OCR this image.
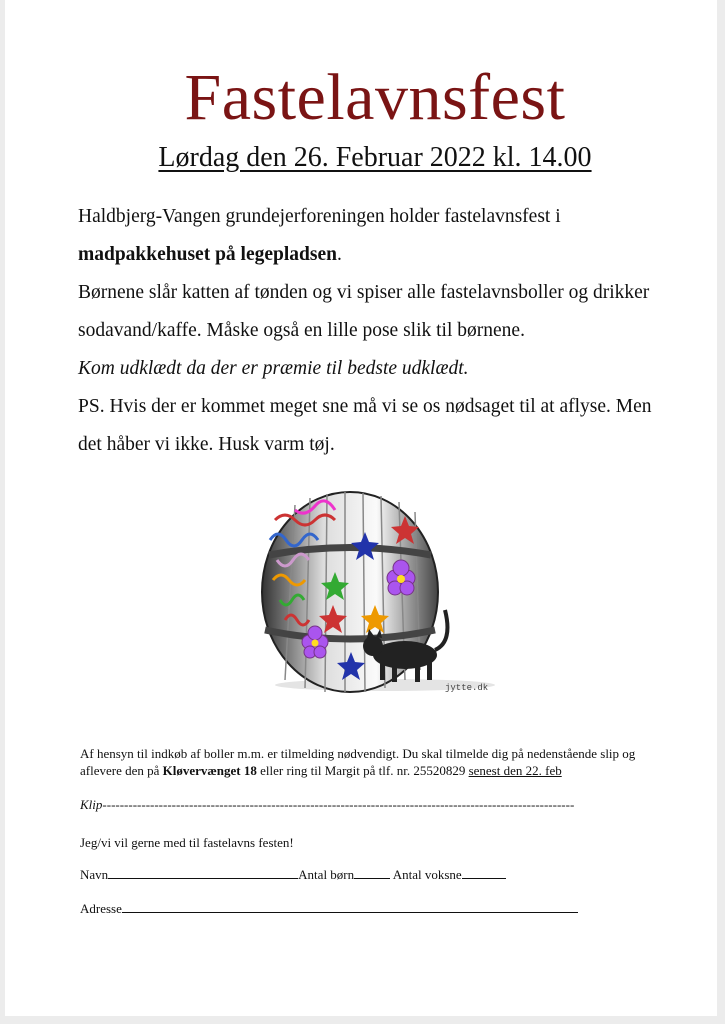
Fastelavnsfest
Lørdag den 26. Februar 2022 kl. 14.00

Haldbjerg-Vangen grundejerforeningen holder fastelavnsfest i madpakkehuset på legepladsen.

Børnene slår katten af tønden og vi spiser alle fastelavnsboller og drikker sodavand/kaffe. Måske også en lille pose slik til børnene.

Kom udklædt da der er præmie til bedste udklædt.

PS. Hvis der er kommet meget sne må vi se os nødsaget til at aflyse. Men det håber vi ikke. Husk varm tøj.

jytte.dk
Af hensyn til indkøb af boller m.m. er tilmelding nødvendigt. Du skal tilmelde dig på nedenstående slip og aflevere den på Kløvervænget 18 eller ring til Margit på tlf. nr. 25520829 senest den 22. feb
Klip-------------------------------------------------------------------------------------------------------------
Jeg/vi vil gerne med til fastelavns festen!
Navn	Antal børn	Antal voksne
Adresse
